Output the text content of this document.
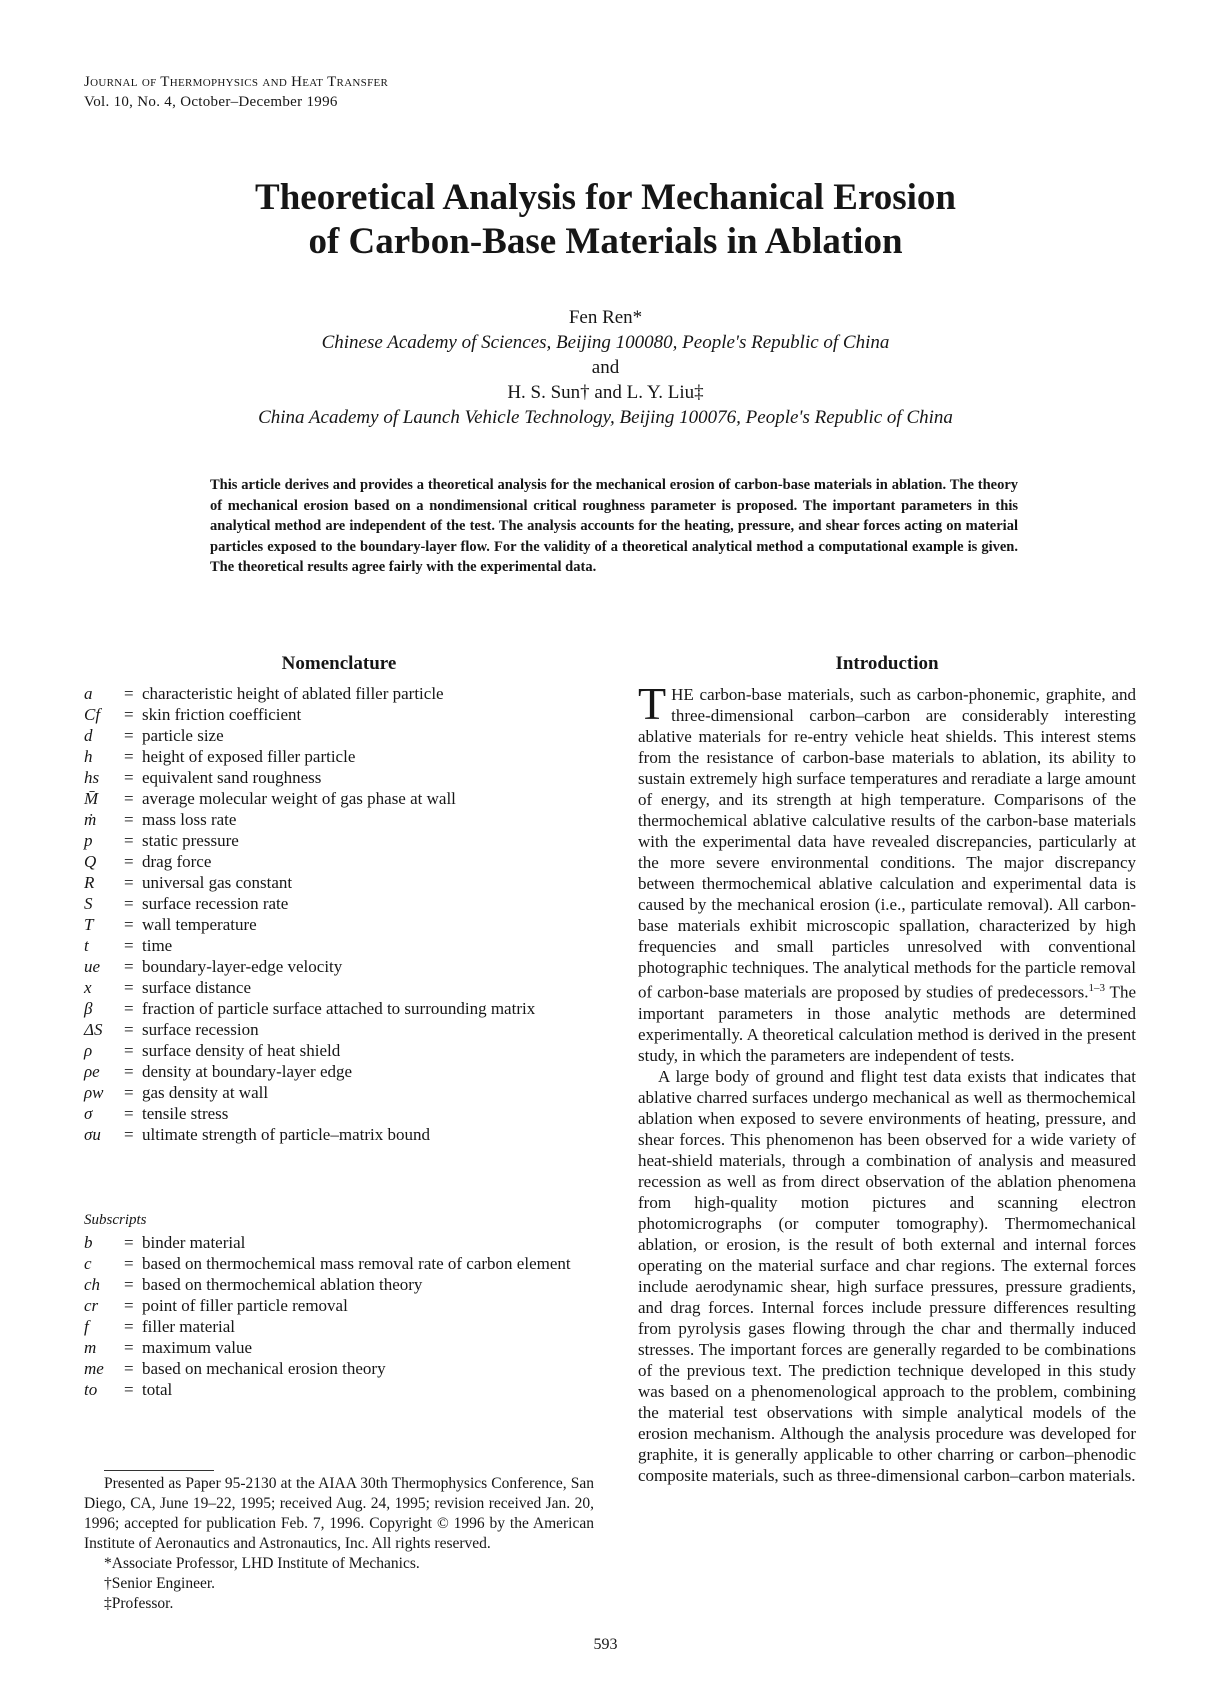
Journal of Thermophysics and Heat Transfer
Vol. 10, No. 4, October–December 1996
Theoretical Analysis for Mechanical Erosion
of Carbon-Base Materials in Ablation
Fen Ren*
Chinese Academy of Sciences, Beijing 100080, People's Republic of China
and
H. S. Sun† and L. Y. Liu‡
China Academy of Launch Vehicle Technology, Beijing 100076, People's Republic of China
This article derives and provides a theoretical analysis for the mechanical erosion of carbon-base materials in ablation. The theory of mechanical erosion based on a nondimensional critical roughness parameter is proposed. The important parameters in this analytical method are independent of the test. The analysis accounts for the heating, pressure, and shear forces acting on material particles exposed to the boundary-layer flow. For the validity of a theoretical analytical method a computational example is given. The theoretical results agree fairly with the experimental data.
Nomenclature
a	= characteristic height of ablated filler particle
Cf	= skin friction coefficient
d	= particle size
h	= height of exposed filler particle
hs	= equivalent sand roughness
M̄	= average molecular weight of gas phase at wall
ṁ	= mass loss rate
p	= static pressure
Q	= drag force
R	= universal gas constant
S	= surface recession rate
T	= wall temperature
t	= time
ue	= boundary-layer-edge velocity
x	= surface distance
β	= fraction of particle surface attached to surrounding matrix
ΔS	= surface recession
ρ	= surface density of heat shield
ρe	= density at boundary-layer edge
ρw	= gas density at wall
σ	= tensile stress
σu	= ultimate strength of particle–matrix bound
Subscripts
b	= binder material
c	= based on thermochemical mass removal rate of carbon element
ch	= based on thermochemical ablation theory
cr	= point of filler particle removal
f	= filler material
m	= maximum value
me	= based on mechanical erosion theory
to	= total
Introduction

THE carbon-base materials, such as carbon-phonemic, graphite, and three-dimensional carbon–carbon are considerably interesting ablative materials for re-entry vehicle heat shields. This interest stems from the resistance of carbon-base materials to ablation, its ability to sustain extremely high surface temperatures and reradiate a large amount of energy, and its strength at high temperature. Comparisons of the thermochemical ablative calculative results of the carbon-base materials with the experimental data have revealed discrepancies, particularly at the more severe environmental conditions. The major discrepancy between thermochemical ablative calculation and experimental data is caused by the mechanical erosion (i.e., particulate removal). All carbon-base materials exhibit microscopic spallation, characterized by high frequencies and small particles unresolved with conventional photographic techniques. The analytical methods for the particle removal of carbon-base materials are proposed by studies of predecessors.$^{1-3}$ The important parameters in those analytic methods are determined experimentally. A theoretical calculation method is derived in the present study, in which the parameters are independent of tests.

A large body of ground and flight test data exists that indicates that ablative charred surfaces undergo mechanical as well as thermochemical ablation when exposed to severe environments of heating, pressure, and shear forces. This phenomenon has been observed for a wide variety of heat-shield materials, through a combination of analysis and measured recession as well as from direct observation of the ablation phenomena from high-quality motion pictures and scanning electron photomicrographs (or computer tomography). Thermomechanical ablation, or erosion, is the result of both external and internal forces operating on the material surface and char regions. The external forces include aerodynamic shear, high surface pressures, pressure gradients, and drag forces. Internal forces include pressure differences resulting from pyrolysis gases flowing through the char and thermally induced stresses. The important forces are generally regarded to be combinations of the previous text. The prediction technique developed in this study was based on a phenomenological approach to the problem, combining the material test observations with simple analytical models of the erosion mechanism. Although the analysis procedure was developed for graphite, it is generally applicable to other charring or carbon–phenodic composite materials, such as three-dimensional carbon–carbon materials.

Presented as Paper 95-2130 at the AIAA 30th Thermophysics Conference, San Diego, CA, June 19–22, 1995; received Aug. 24, 1995; revision received Jan. 20, 1996; accepted for publication Feb. 7, 1996. Copyright © 1996 by the American Institute of Aeronautics and Astronautics, Inc. All rights reserved.

*Associate Professor, LHD Institute of Mechanics.

†Senior Engineer.

‡Professor.

593
